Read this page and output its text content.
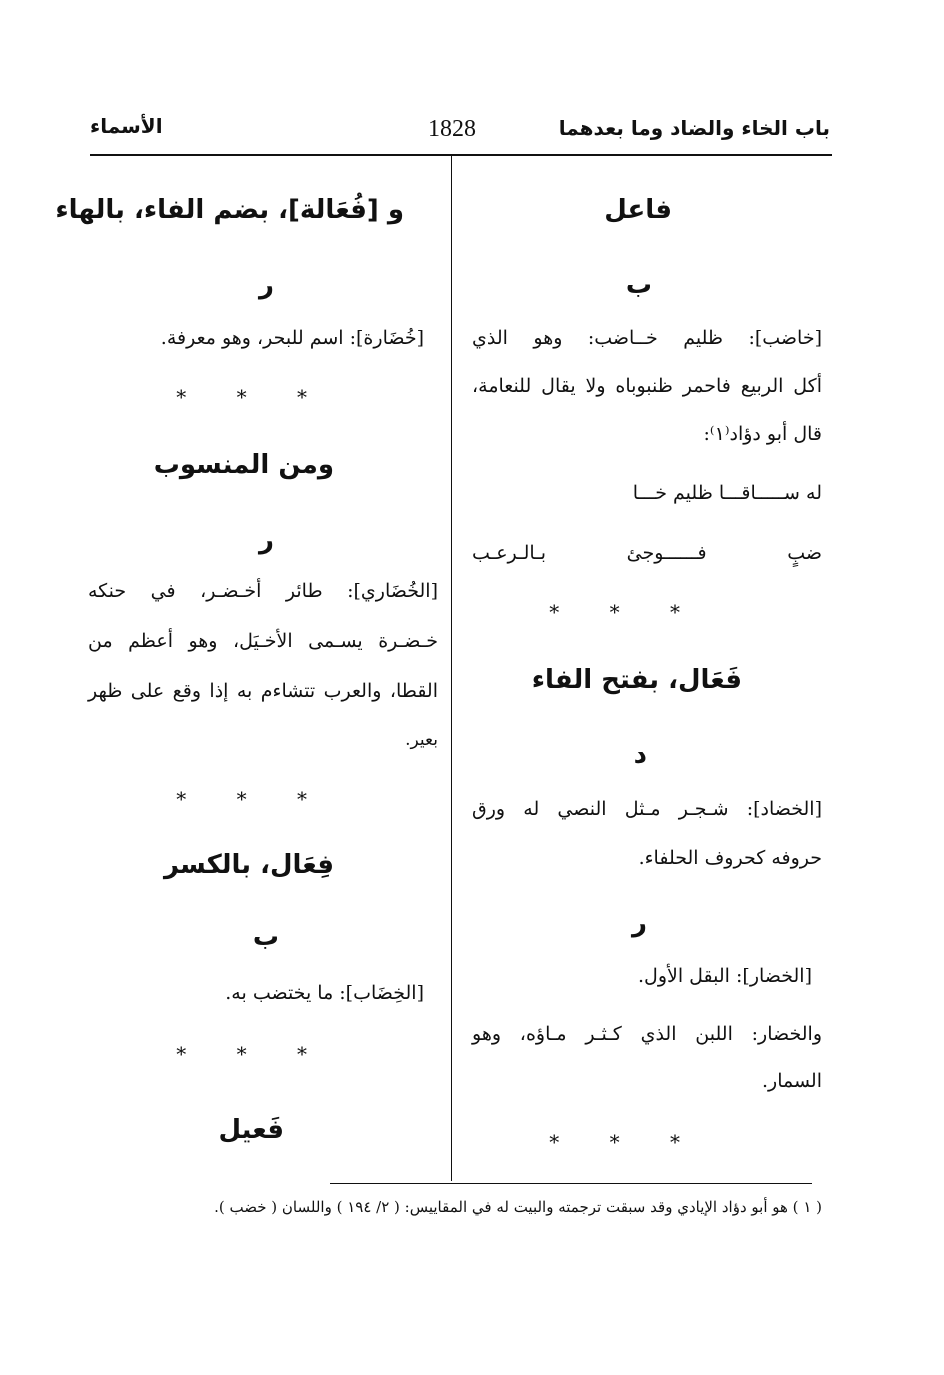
باب الخاء والضاد وما بعدهما
1828
الأسماء
فاعل
ب
[خاضب]: ظليم خــاضب: وهو الذي
أكل الربيع فاحمر ظنبوباه ولا يقال للنعامة،
قال أبو دؤاد⁽١⁾:
له ســـــاقـــا ظليم خـــا
ضبٍ فــــــوجئ بـالـرعـب
* * *
فَعَال، بفتح الفاء
د
[الخضاد]: شـجـر مـثل النصي له ورق
حروفه كحروف الحلفاء.
ر
[الخضار]: البقل الأول.
والخضار: اللبن الذي كـثـر مـاؤه، وهو
السمار.
* * *
و [فُعَالة]، بضم الفاء، بالهاء
ر
[خُضَارة]: اسم للبحر، وهو معرفة.
* * *
ومن المنسوب
ر
[الخُضَاري]: طائر أخـضـر، في حنكه
خـضـرة يسـمى الأخـيَل، وهو أعظم من
القطا، والعرب تتشاءم به إذا وقع على ظهر
بعير.
* * *
فِعَال، بالكسر
ب
[الخِضَاب]: ما يختضب به.
* * *
فَعيل
( ١ ) هو أبو دؤاد الإيادي وقد سبقت ترجمته والبيت له في المقاييس: ( ٢/ ١٩٤ ) واللسان ( خضب ).
